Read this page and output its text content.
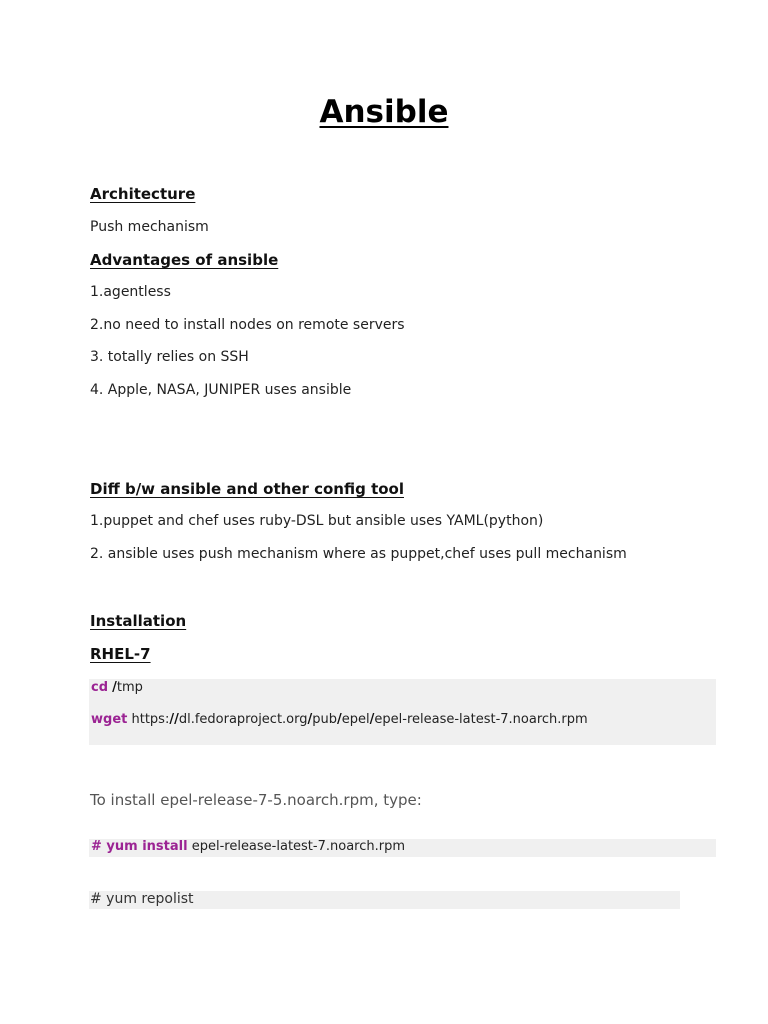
Ansible
Architecture
Push mechanism
Advantages of ansible
1.agentless
2.no need to install nodes on remote servers
3. totally relies on SSH
4. Apple, NASA, JUNIPER uses ansible
Diff b/w ansible and other config tool
1.puppet and chef uses ruby-DSL but ansible uses YAML(python)
2. ansible uses push mechanism where as puppet,chef uses pull mechanism
Installation
RHEL-7
cd /tmp
wget https://dl.fedoraproject.org/pub/epel/epel-release-latest-7.noarch.rpm
To install epel-release-7-5.noarch.rpm, type:
# yum install epel-release-latest-7.noarch.rpm
# yum repolist
